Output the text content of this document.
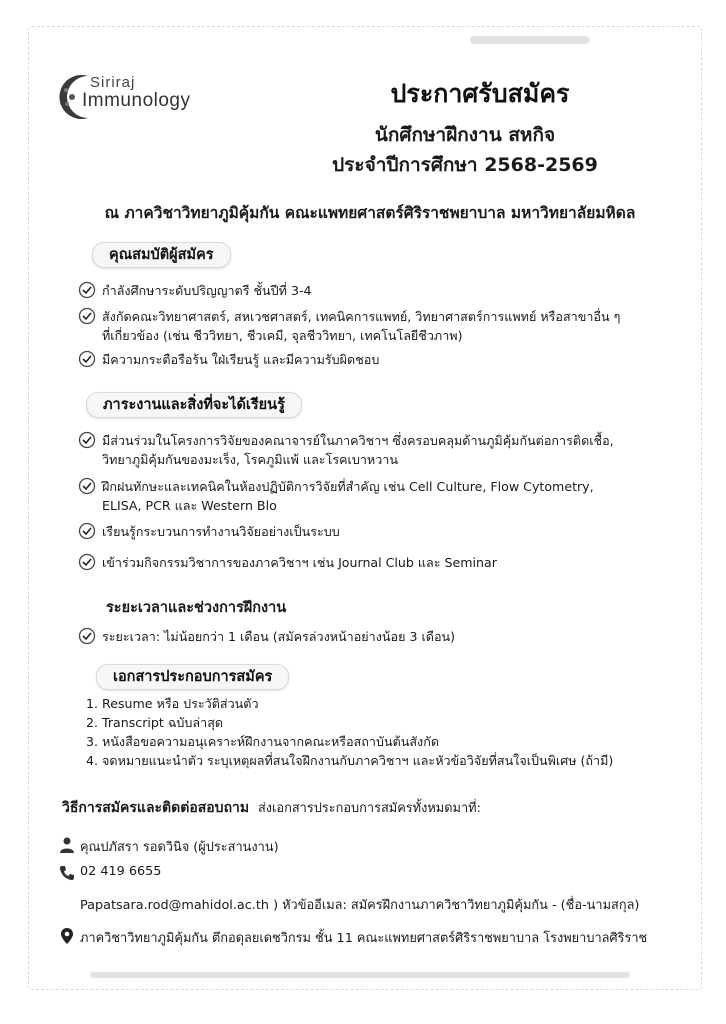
Siriraj
Immunology	ประกาศรับสมัคร
นักศึกษาฝึกงาน สหกิจ
ประจำปีการศึกษา 2568-2569
ณ ภาควิชาวิทยาภูมิคุ้มกัน คณะแพทยศาสตร์ศิริราชพยาบาล มหาวิทยาลัยมหิดล
คุณสมบัติผู้สมัคร
กำลังศึกษาระดับปริญญาตรี ชั้นปีที่ 3-4
สังกัดคณะวิทยาศาสตร์, สหเวชศาสตร์, เทคนิคการแพทย์, วิทยาศาสตร์การแพทย์ หรือสาขาอื่น ๆ
ที่เกี่ยวข้อง (เช่น ชีววิทยา, ชีวเคมี, จุลชีววิทยา, เทคโนโลยีชีวภาพ)
มีความกระตือรือร้น ใฝ่เรียนรู้ และมีความรับผิดชอบ
ภาระงานและสิ่งที่จะได้เรียนรู้
มีส่วนร่วมในโครงการวิจัยของคณาจารย์ในภาควิชาฯ ซึ่งครอบคลุมด้านภูมิคุ้มกันต่อการติดเชื้อ,
วิทยาภูมิคุ้มกันของมะเร็ง, โรคภูมิแพ้ และโรคเบาหวาน
ฝึกฝนทักษะและเทคนิคในห้องปฏิบัติการวิจัยที่สำคัญ เช่น Cell Culture, Flow Cytometry,
ELISA, PCR และ Western Blo
เรียนรู้กระบวนการทำงานวิจัยอย่างเป็นระบบ
เข้าร่วมกิจกรรมวิชาการของภาควิชาฯ เช่น Journal Club และ Seminar
ระยะเวลาและช่วงการฝึกงาน
ระยะเวลา: ไม่น้อยกว่า 1 เดือน (สมัครล่วงหน้าอย่างน้อย 3 เดือน)
เอกสารประกอบการสมัคร
1. Resume หรือ ประวัติส่วนตัว
2. Transcript ฉบับล่าสุด
3. หนังสือขอความอนุเคราะห์ฝึกงานจากคณะหรือสถาบันต้นสังกัด
4. จดหมายแนะนำตัว ระบุเหตุผลที่สนใจฝึกงานกับภาควิชาฯ และหัวข้อวิจัยที่สนใจเป็นพิเศษ (ถ้ามี)
วิธีการสมัครและติดต่อสอบถาม ส่งเอกสารประกอบการสมัครทั้งหมดมาที่:
คุณปภัสรา รอดวินิจ (ผู้ประสานงาน)
02 419 6655
Papatsara.rod@mahidol.ac.th ) หัวข้ออีเมล: สมัครฝึกงานภาควิชาวิทยาภูมิคุ้มกัน - (ชื่อ-นามสกุล)
ภาควิชาวิทยาภูมิคุ้มกัน ตึกอดุลยเดชวิกรม ชั้น 11 คณะแพทยศาสตร์ศิริราชพยาบาล โรงพยาบาลศิริราช
